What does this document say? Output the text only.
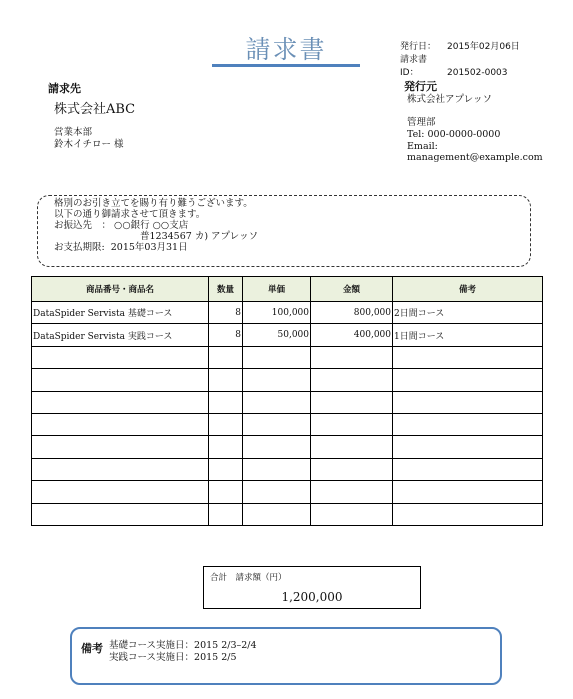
請求書	発行日： 2015年02月06日
請求書 ID：	201502-0003
請求先
株式会社ABC
営業本部
鈴木イチロー 様
発行元
株式会社アプレッソ
管理部
Tel: 000-0000-0000
Email:
management@example.com
格別のお引き立てを賜り有り難うございます。
以下の通り御請求させて頂きます。
お振込先　： ○○銀行 ○○支店
普1234567 カ) アプレッソ
お支払期限: 2015年03月31日
商品番号・商品名	数量	単価	金額	備考
DataSpider Servista 基礎コース	8	100,000	800,000	2日間コース
DataSpider Servista 実践コース	8	50,000	400,000	1日間コース

合計　請求額（円）
1,200,000
備考 基礎コース実施日：2015 2/3–2/4
実践コース実施日：2015 2/5
